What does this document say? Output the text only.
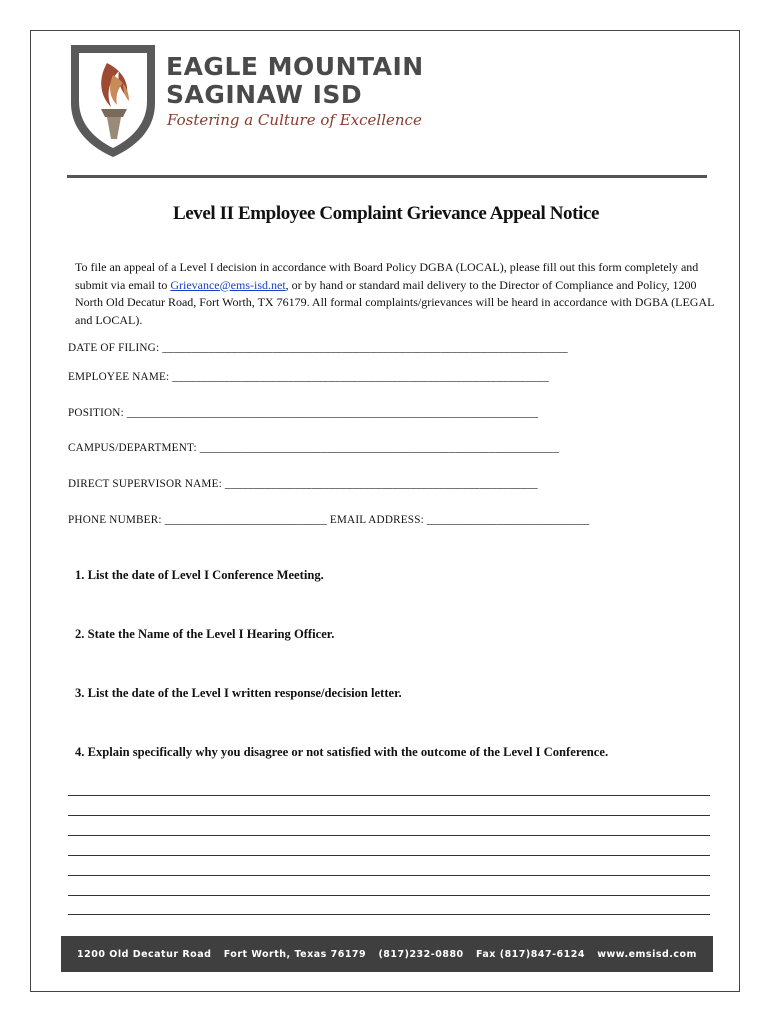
EAGLE MOUNTAIN
SAGINAW ISD
Fostering a Culture of Excellence
Level II Employee Complaint Grievance Appeal Notice
To file an appeal of a Level I decision in accordance with Board Policy DGBA (LOCAL), please fill out this form completely and submit via email to Grievance@ems-isd.net, or by hand or standard mail delivery to the Director of Compliance and Policy, 1200 North Old Decatur Road, Fort Worth, TX 76179. All formal complaints/grievances will be heard in accordance with DGBA (LEGAL and LOCAL).
DATE OF FILING: ______________________________________________________________________
EMPLOYEE NAME: _________________________________________________________________
POSITION: _______________________________________________________________________
CAMPUS/DEPARTMENT: ______________________________________________________________
DIRECT SUPERVISOR NAME: ______________________________________________________
PHONE NUMBER: ____________________________ EMAIL ADDRESS: ____________________________
1. List the date of Level I Conference Meeting.
2. State the Name of the Level I Hearing Officer.
3. List the date of the Level I written response/decision letter.
4. Explain specifically why you disagree or not satisfied with the outcome of the Level I Conference.
1200 Old Decatur Road Fort Worth, Texas 76179 (817)232-0880 Fax (817)847-6124 www.emsisd.com
